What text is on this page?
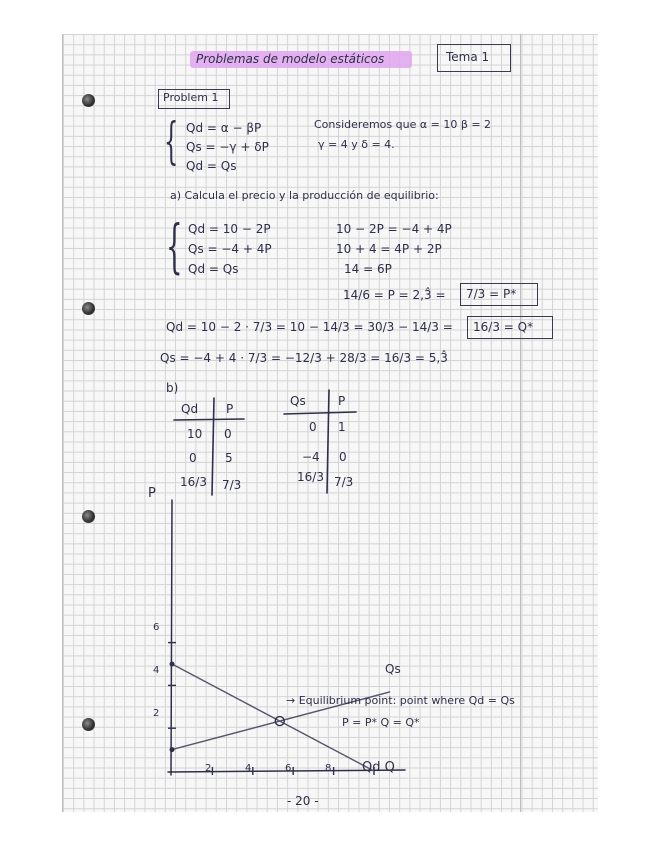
Problemas de modelo estáticos	Tema 1
Problem 1
{ Qd = α − βP
Qs = −γ + δP
Qd = Qs
Consideremos que α = 10 β = 2
γ = 4 y δ = 4.
a) Calcula el precio y la producción de equilibrio:
{ Qd = 10 − 2P
Qs = −4 + 4P
Qd = Qs
10 − 2P = −4 + 4P
10 + 4 = 4P + 2P
14 = 6P
14/6 = P = 2,3̂ = 7/3 = P*
Qd = 10 − 2 · 7/3 = 10 − 14/3 = 30/3 − 14/3 = 16/3 = Q*
Qs = −4 + 4 · 7/3 = −12/3 + 28/3 = 16/3 = 5,3̂
b)
Qd P
10 0
0 5
16/3 7/3
Qs	P
0 1
−4 0
16/3 7/3
P
Qd Q
2
4
6
2	4	6	8
Qs
→ Equilibrium point: point where Qd = Qs
P = P* Q = Q*
- 20 -
